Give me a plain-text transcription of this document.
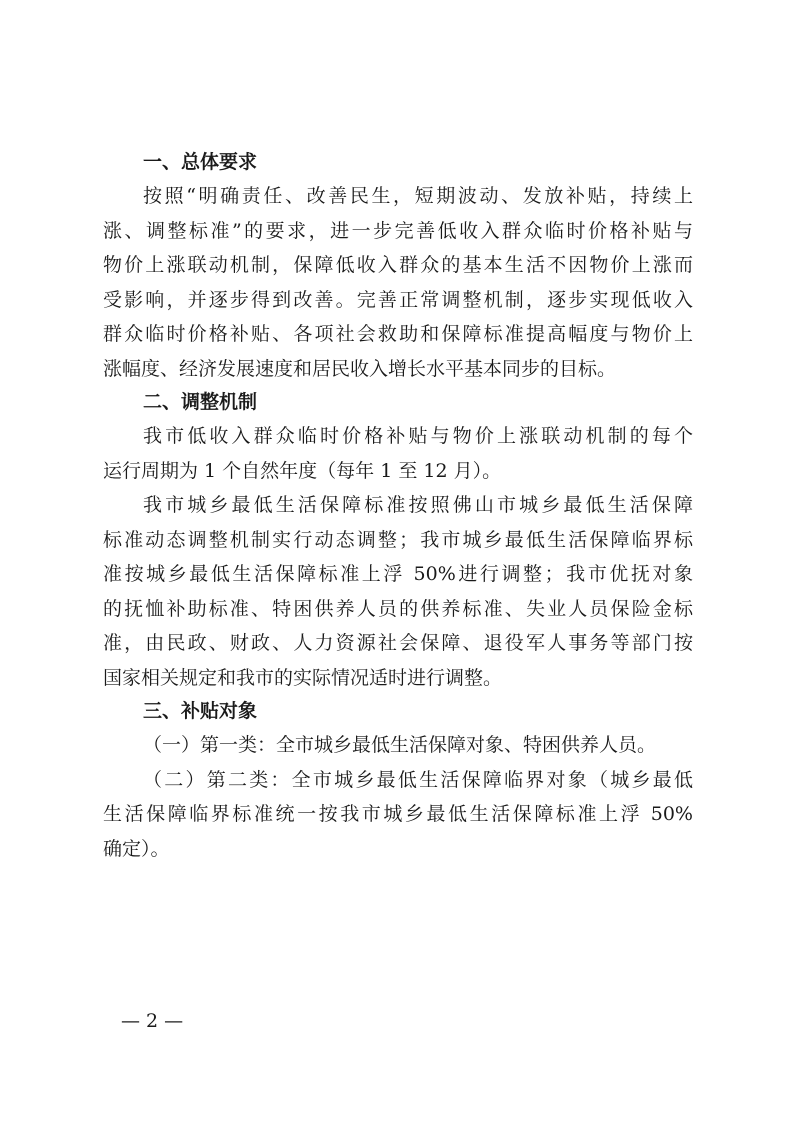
一、总体要求

按照“明确责任、改善民生，短期波动、发放补贴，持续上
涨、调整标准”的要求，进一步完善低收入群众临时价格补贴与
物价上涨联动机制，保障低收入群众的基本生活不因物价上涨而
受影响，并逐步得到改善。完善正常调整机制，逐步实现低收入
群众临时价格补贴、各项社会救助和保障标准提高幅度与物价上
涨幅度、经济发展速度和居民收入增长水平基本同步的目标。

二、调整机制

我市低收入群众临时价格补贴与物价上涨联动机制的每个
运行周期为 1 个自然年度（每年 1 至 12 月）。

我市城乡最低生活保障标准按照佛山市城乡最低生活保障
标准动态调整机制实行动态调整；我市城乡最低生活保障临界标
准按城乡最低生活保障标准上浮 50%进行调整；我市优抚对象
的抚恤补助标准、特困供养人员的供养标准、失业人员保险金标
准，由民政、财政、人力资源社会保障、退役军人事务等部门按
国家相关规定和我市的实际情况适时进行调整。

三、补贴对象

（一）第一类：全市城乡最低生活保障对象、特困供养人员。

（二）第二类：全市城乡最低生活保障临界对象（城乡最低
生活保障临界标准统一按我市城乡最低生活保障标准上浮 50%
确定）。

— 2 —
